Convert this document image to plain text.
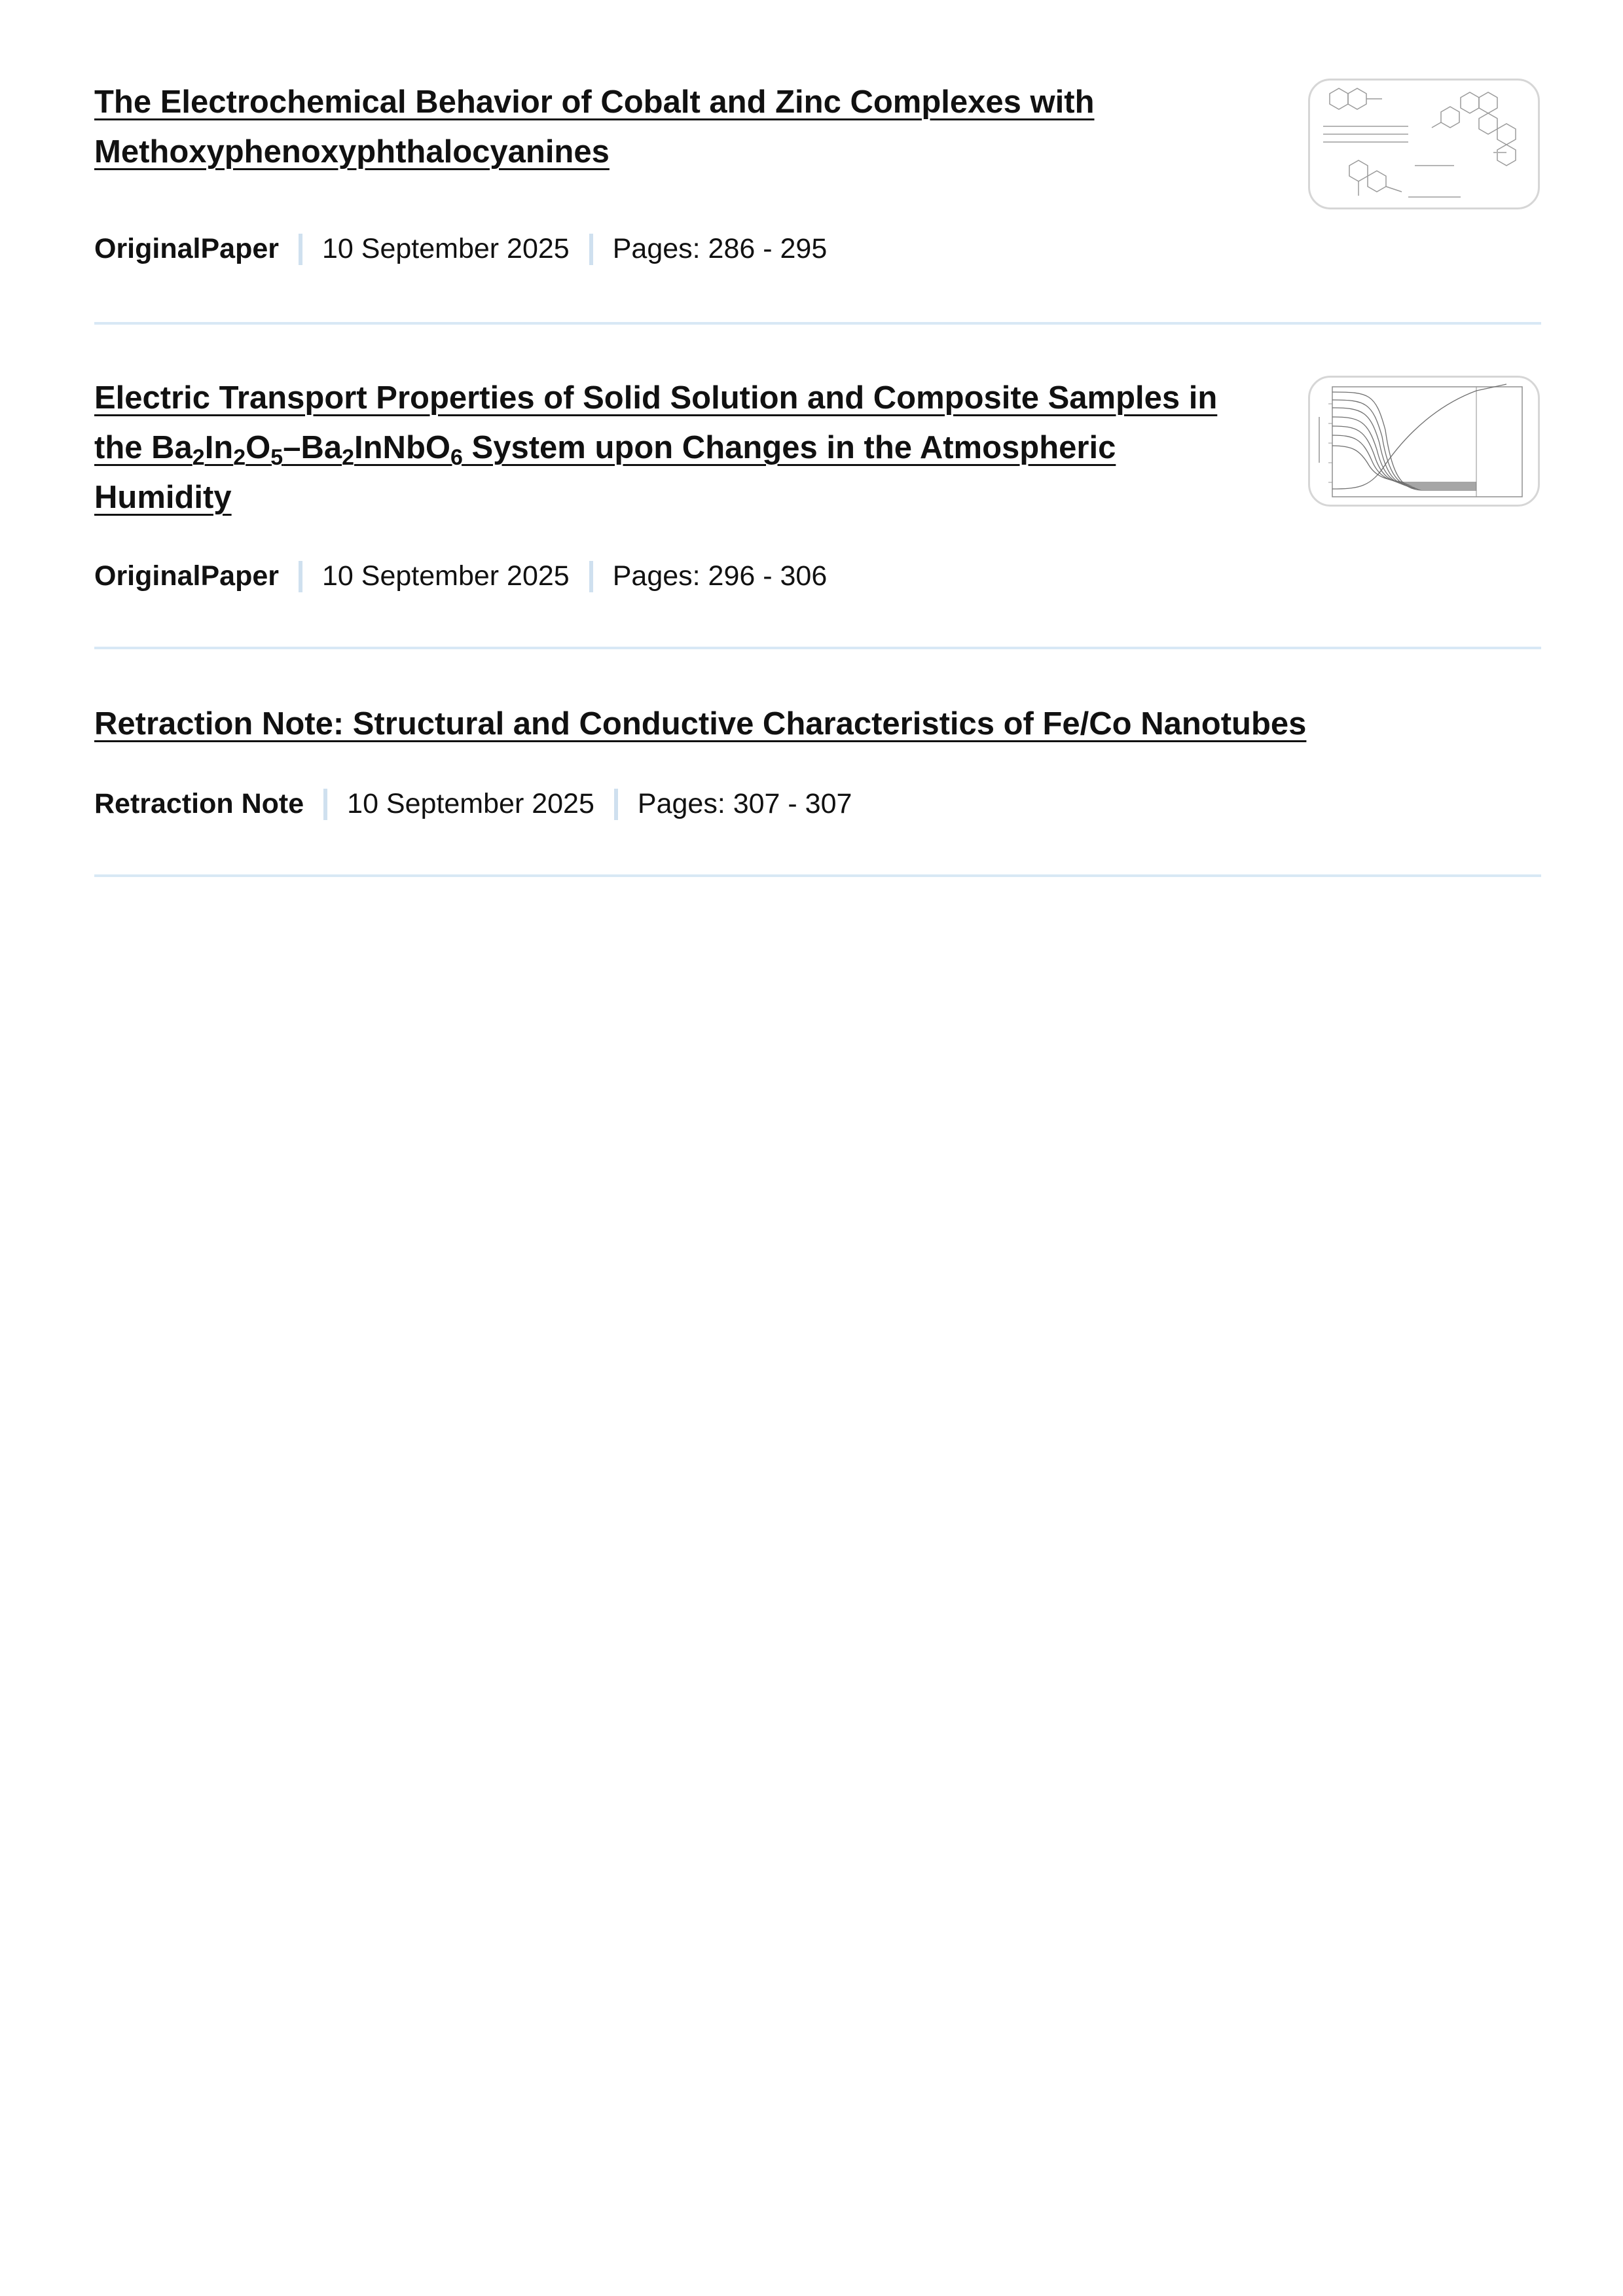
The Electrochemical Behavior of Cobalt and Zinc Complexes with Methoxyphenoxyphthalocyanines
OriginalPaper 10 September 2025 Pages: 286 - 295
Electric Transport Properties of Solid Solution and Composite Samples in the $Ba_2In_2O_5-Ba_2InNbO_6$ System upon Changes in the Atmospheric Humidity
OriginalPaper 10 September 2025 Pages: 296 - 306
Retraction Note: Structural and Conductive Characteristics of Fe/Co Nanotubes
Retraction Note 10 September 2025 Pages: 307 - 307
